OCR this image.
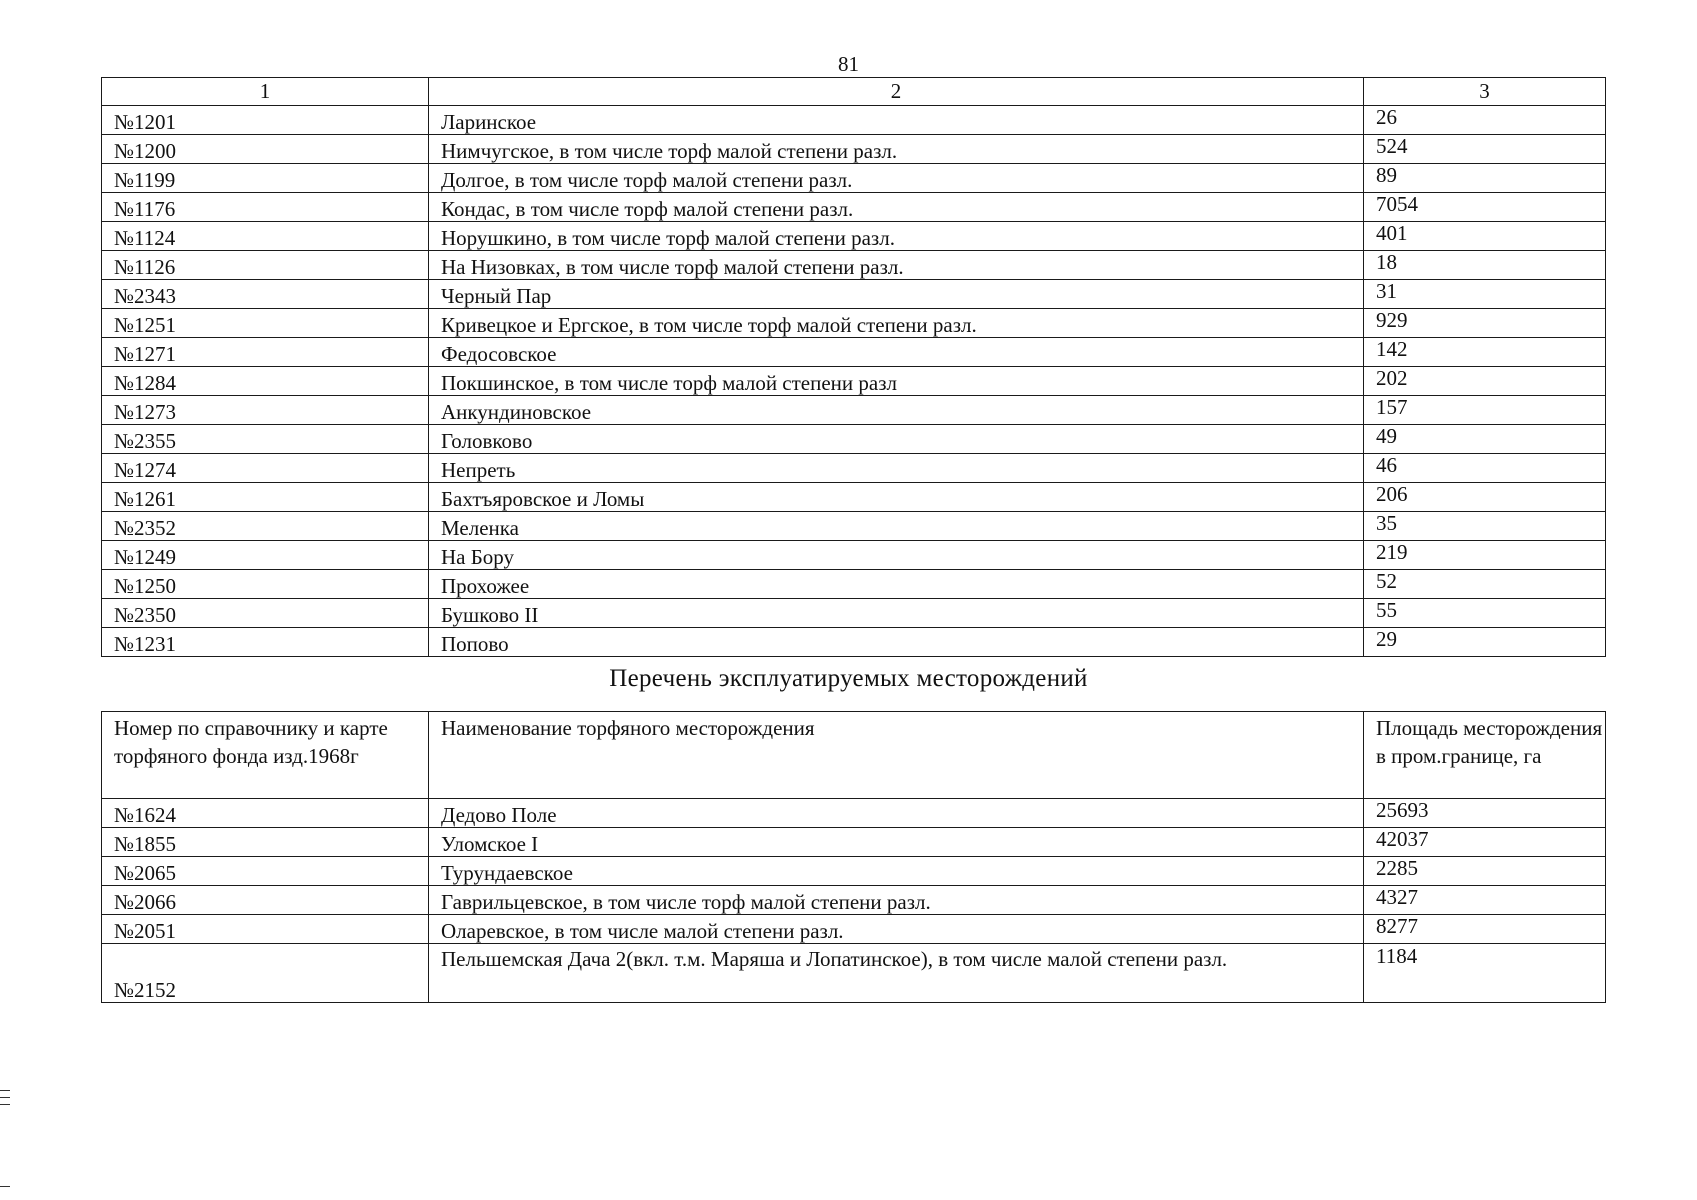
81
1	2	3
№1201	Ларинское	26
№1200	Нимчугское, в том числе торф малой степени разл.	524
№1199	Долгое, в том числе торф малой степени разл.	89
№1176	Кондас, в том числе торф малой степени разл.	7054
№1124	Норушкино, в том числе торф малой степени разл.	401
№1126	На Низовках, в том числе торф малой степени разл.	18
№2343	Черный Пар	31
№1251	Кривецкое и Ергское, в том числе торф малой степени разл.	929
№1271	Федосовское	142
№1284	Покшинское, в том числе торф малой степени разл	202
№1273	Анкундиновское	157
№2355	Головково	49
№1274	Непреть	46
№1261	Бахтъяровское и Ломы	206
№2352	Меленка	35
№1249	На Бору	219
№1250	Прохожее	52
№2350	Бушково II	55
№1231	Попово	29
Перечень эксплуатируемых месторождений
Номер по справочнику и карте торфяного фонда изд.1968г	Наименование торфяного месторождения	Площадь месторождения в пром.границе, га
№1624	Дедово Поле	25693
№1855	Уломское I	42037
№2065	Турундаевское	2285
№2066	Гаврильцевское, в том числе торф малой степени разл.	4327
№2051	Оларевское, в том числе малой степени разл.	8277
№2152	Пельшемская Дача 2(вкл. т.м. Маряша и Лопатинское), в том числе малой степени разл.	1184
